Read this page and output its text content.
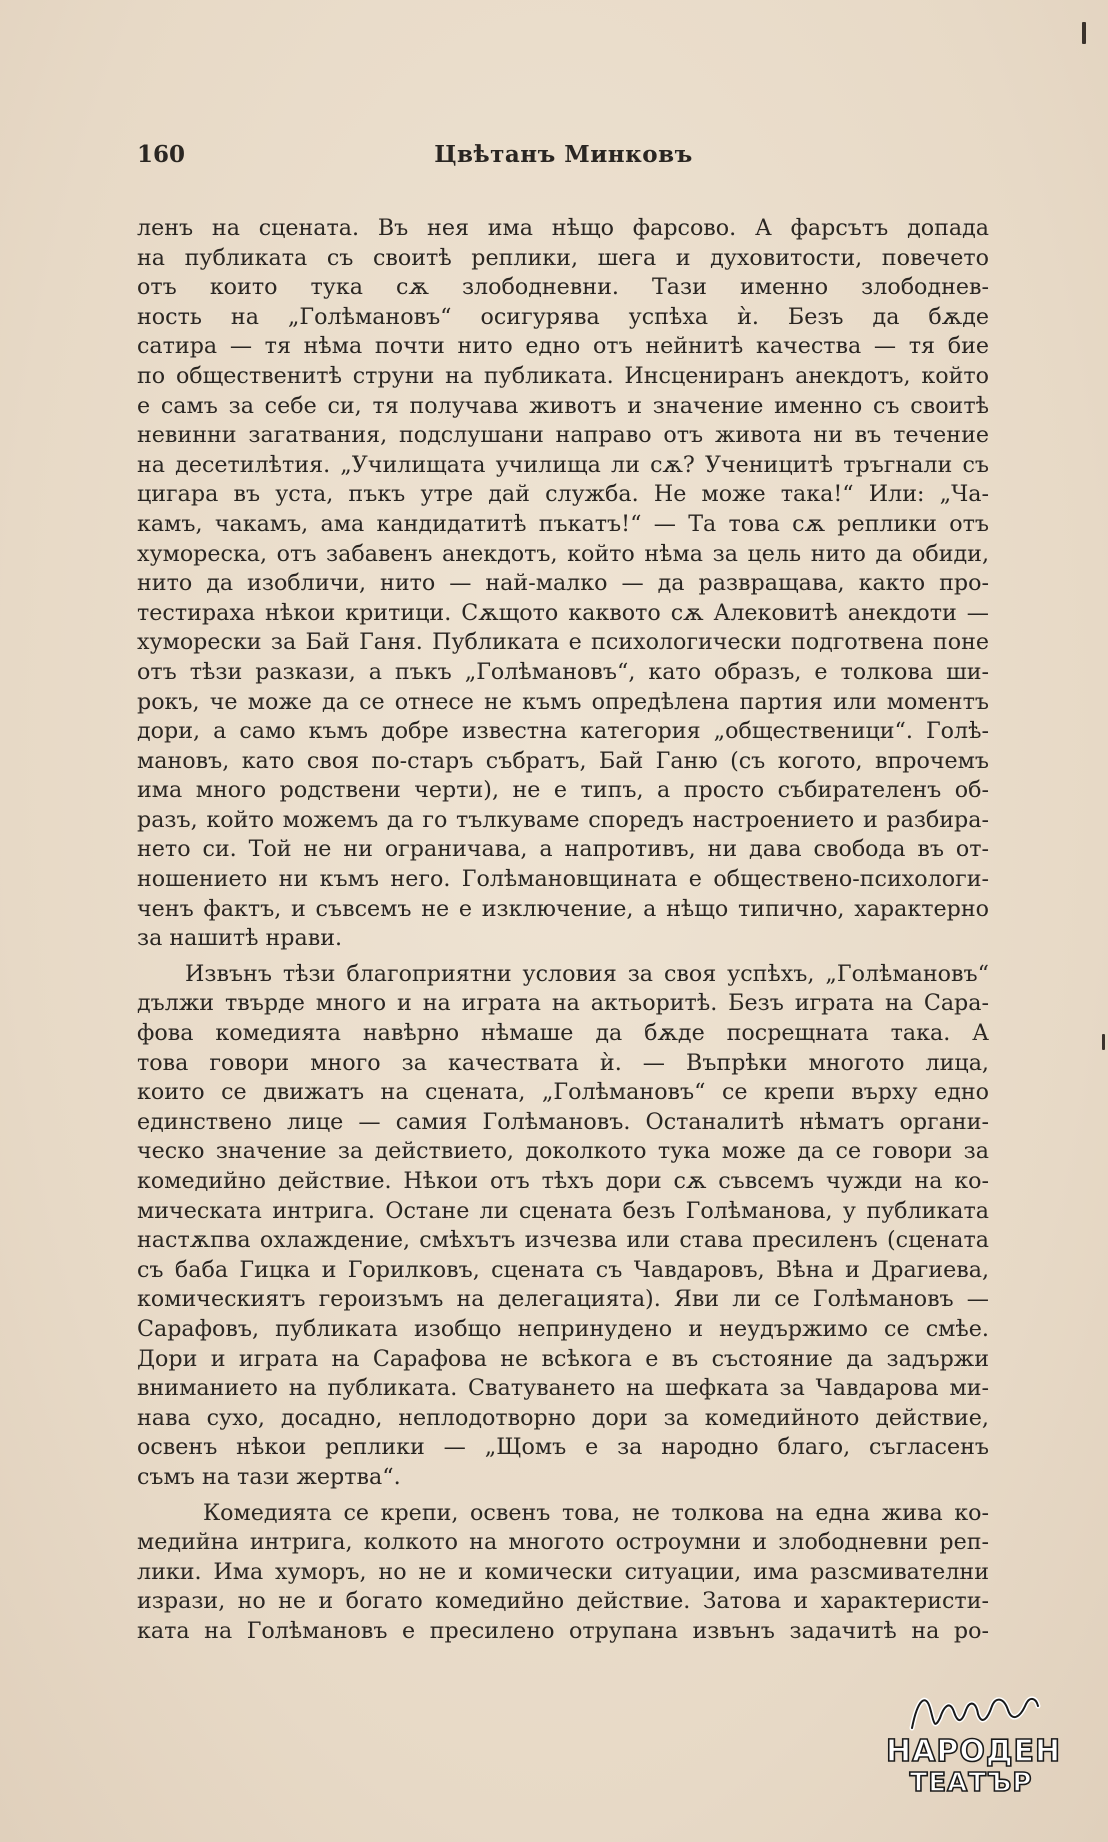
160	Цвѣтанъ Минковъ
ленъ на сцената. Въ нея има нѣщо фарсово. А фарсътъ допада
на публиката съ своитѣ реплики, шега и духовитости, повечето
отъ които тука сѫ злободневни. Тази именно злободнев-
ность на „Голѣмановъ“ осигурява успѣха ѝ. Безъ да бѫде
сатира — тя нѣма почти нито едно отъ нейнитѣ качества — тя бие
по общественитѣ струни на публиката. Инсцениранъ анекдотъ, който
е самъ за себе си, тя получава животъ и значение именно съ своитѣ
невинни загатвания, подслушани направо отъ живота ни въ течение
на десетилѣтия. „Училищата училища ли сѫ? Ученицитѣ тръгнали съ
цигара въ уста, пъкъ утре дай служба. Не може така!“ Или: „Ча-
камъ, чакамъ, ама кандидатитѣ пъкатъ!“ — Та това сѫ реплики отъ
хумореска, отъ забавенъ анекдотъ, който нѣма за цель нито да обиди,
нито да изобличи, нито — най-малко — да развращава, както про-
тестираха нѣкои критици. Сѫщото каквото сѫ Алековитѣ анекдоти —
хуморески за Бай Ганя. Публиката е психологически подготвена поне
отъ тѣзи разкази, а пъкъ „Голѣмановъ“, като образъ, е толкова ши-
рокъ, че може да се отнесе не къмъ опредѣлена партия или моментъ
дори, а само къмъ добре известна категория „общественици“. Голѣ-
мановъ, като своя по-старъ събратъ, Бай Ганю (съ когото, впрочемъ
има много родствени черти), не е типъ, а просто събирателенъ об-
разъ, който можемъ да го тълкуваме споредъ настроението и разбира-
нето си. Той не ни ограничава, а напротивъ, ни дава свобода въ от-
ношението ни къмъ него. Голѣмановщината е обществено-психологи-
ченъ фактъ, и съвсемъ не е изключение, а нѣщо типично, характерно
за нашитѣ нрави.
Извънъ тѣзи благоприятни условия за своя успѣхъ, „Голѣмановъ“
дължи твърде много и на играта на актьоритѣ. Безъ играта на Сара-
фова комедията навѣрно нѣмаше да бѫде посрещната така. А
това говори много за качествата ѝ. — Въпрѣки многото лица,
които се движатъ на сцената, „Голѣмановъ“ се крепи върху едно
единствено лице — самия Голѣмановъ. Останалитѣ нѣматъ органи-
ческо значение за действието, доколкото тука може да се говори за
комедийно действие. Нѣкои отъ тѣхъ дори сѫ съвсемъ чужди на ко-
мическата интрига. Остане ли сцената безъ Голѣманова, у публиката
настѫпва охлаждение, смѣхътъ изчезва или става пресиленъ (сцената
съ баба Гицка и Горилковъ, сцената съ Чавдаровъ, Вѣна и Драгиева,
комическиятъ героизъмъ на делегацията). Яви ли се Голѣмановъ —
Сарафовъ, публиката изобщо непринудено и неудържимо се смѣе.
Дори и играта на Сарафова не всѣкога е въ състояние да задържи
вниманието на публиката. Сватуването на шефката за Чавдарова ми-
нава сухо, досадно, неплодотворно дори за комедийното действие,
освенъ нѣкои реплики — „Щомъ е за народно благо, съгласенъ
съмъ на тази жертва“.
Комедията се крепи, освенъ това, не толкова на една жива ко-
медийна интрига, колкото на многото остроумни и злободневни реп-
лики. Има хуморъ, но не и комически ситуации, има разсмивателни
изрази, но не и богато комедийно действие. Затова и характеристи-
ката на Голѣмановъ е пресилено отрупана извънъ задачитѣ на ро-
НАРОДЕН
ТЕАТЪР
